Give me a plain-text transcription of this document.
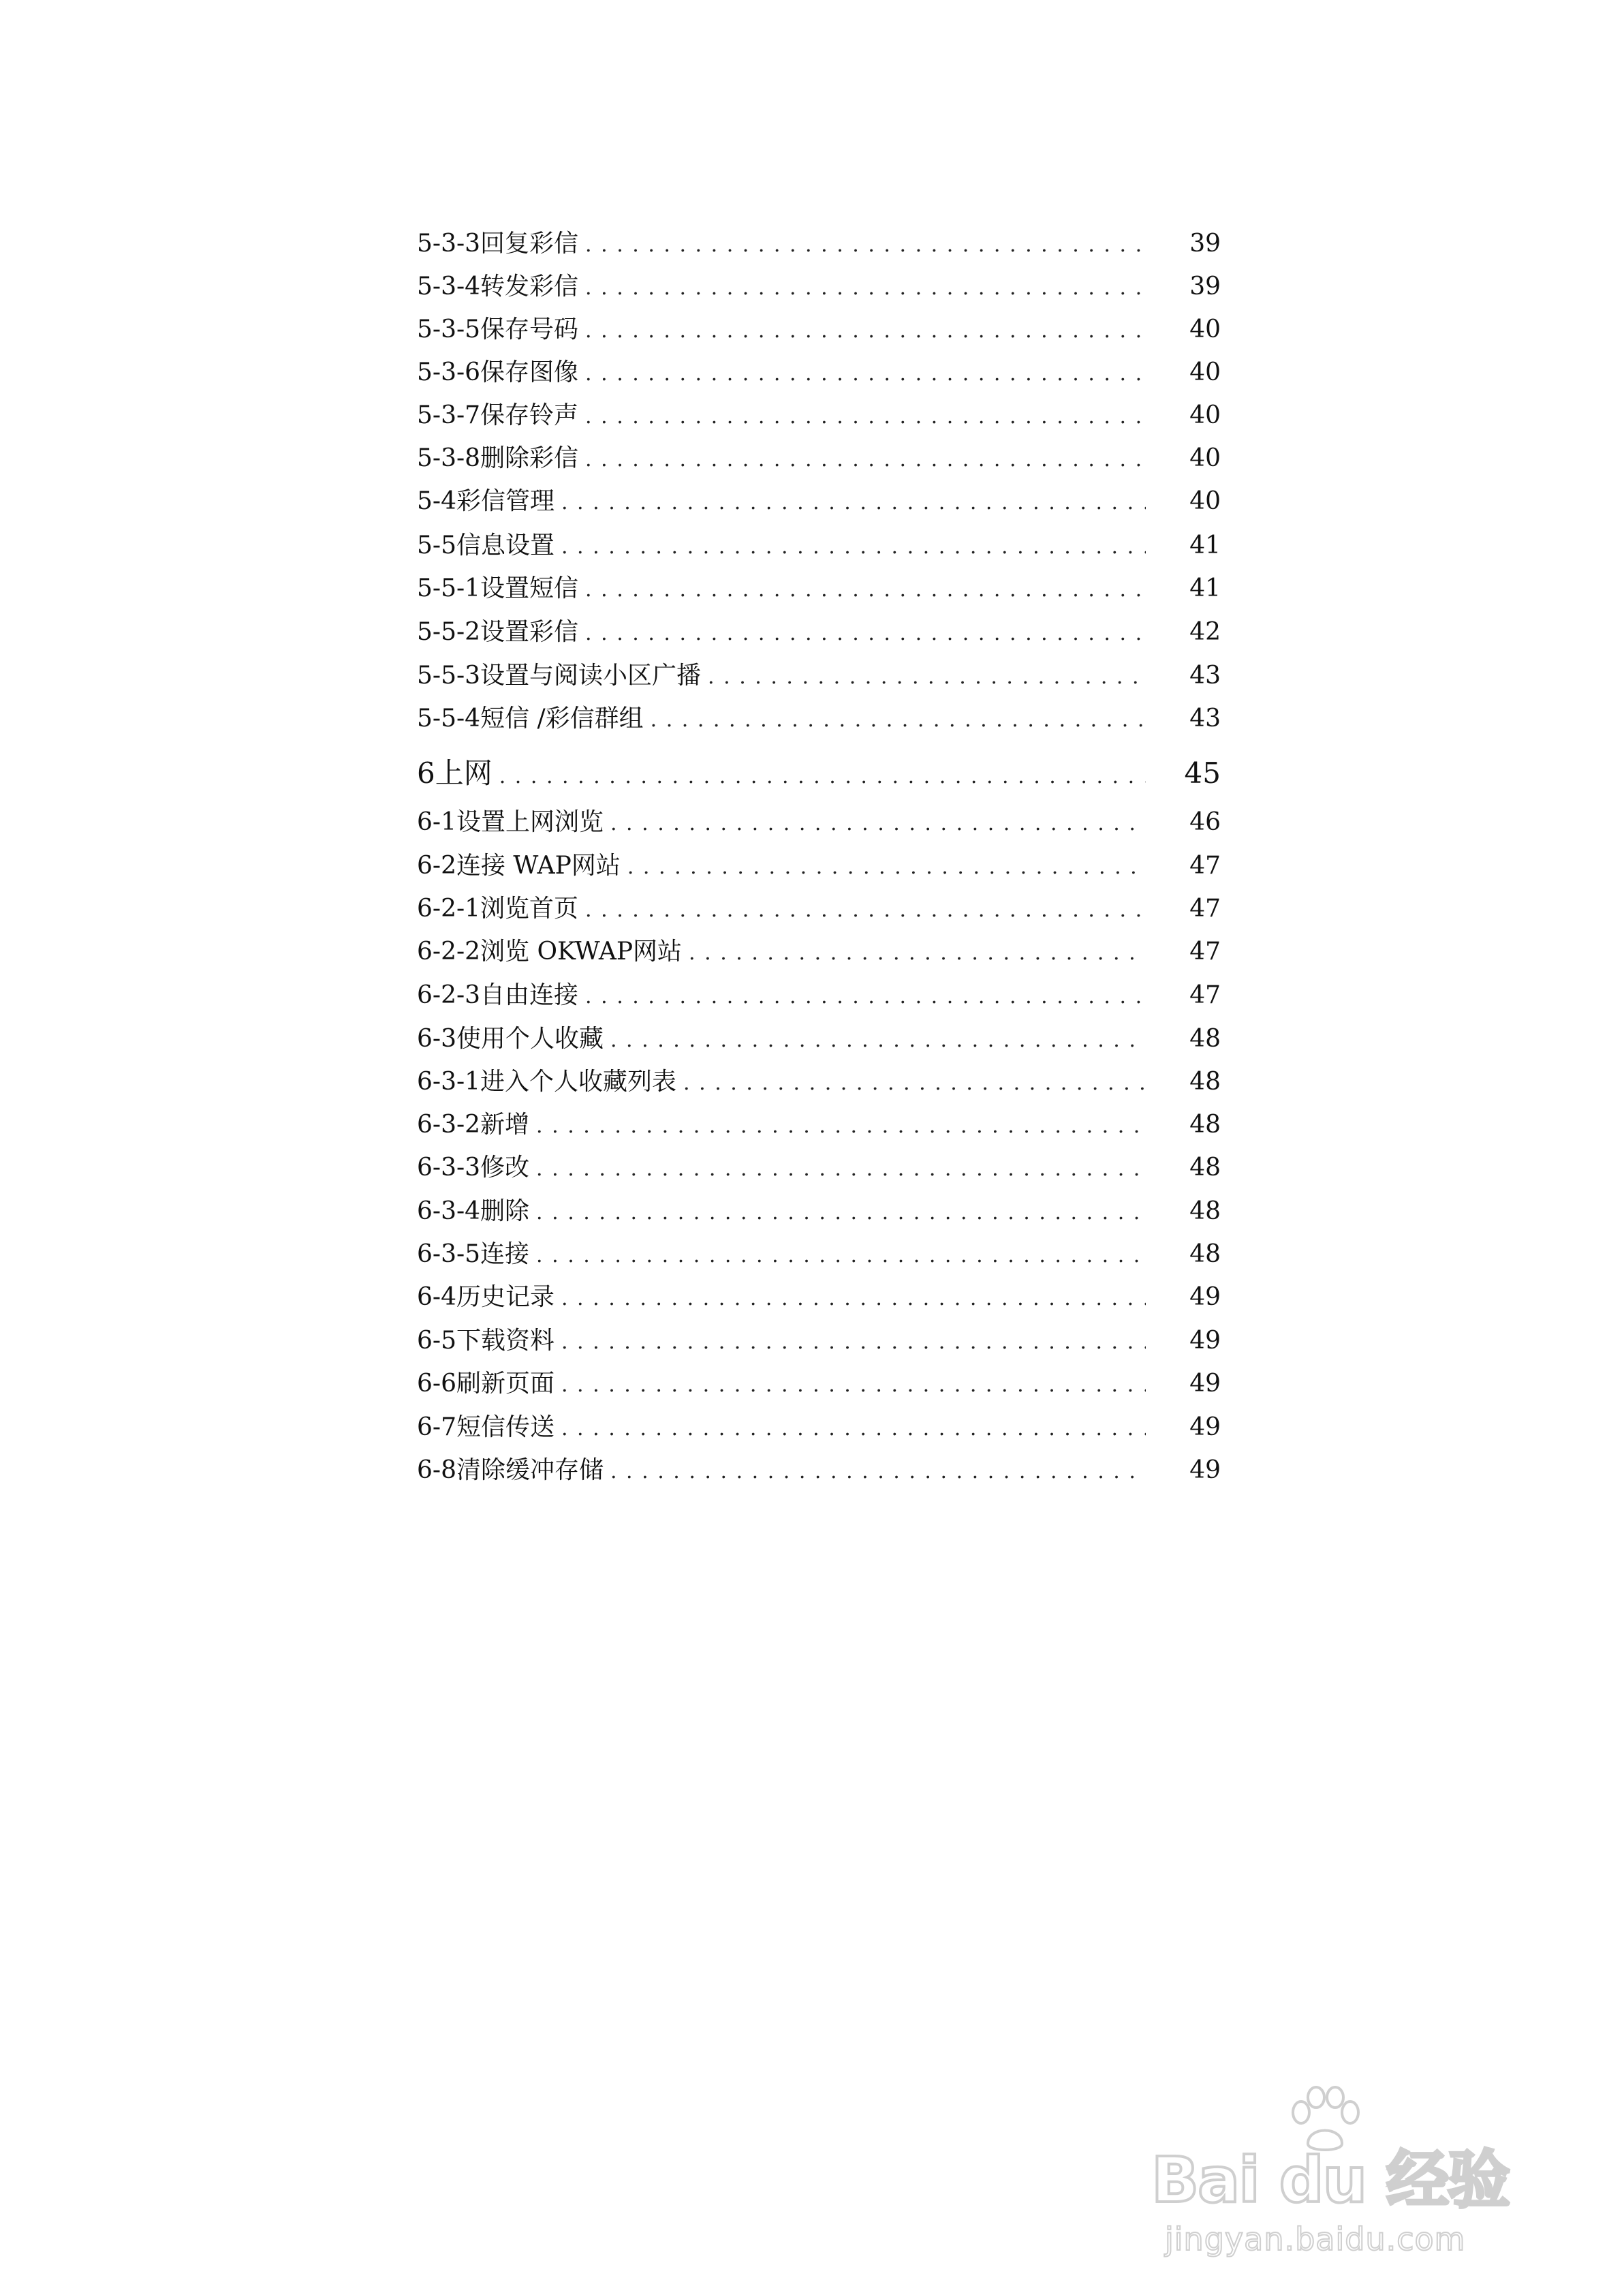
5-3-3回复彩信 . . .	39
5-3-4转发彩信 . . .	39
5-3-5保存号码 . . .	40
5-3-6保存图像 . . .	40
5-3-7保存铃声 . . .	40
5-3-8删除彩信 . . .	40
5-4彩信管理 . . .	40
5-5信息设置 . . .	41
5-5-1设置短信 . . .	41
5-5-2设置彩信 . . .	42
5-5-3设置与阅读小区广播 . . .	43
5-5-4短信 /彩信群组 . . .	43
6上网 . . .	45
6-1设置上网浏览 . . .	46
6-2连接 WAP网站 . . .	47
6-2-1浏览首页 . . .	47
6-2-2浏览 OKWAP网站 . . .	47
6-2-3自由连接 . . .	47
6-3使用个人收藏 . . .	48
6-3-1进入个人收藏列表 . . .	48
6-3-2新增 . . .	48
6-3-3修改 . . .	48
6-3-4删除 . . .	48
6-3-5连接 . . .	48
6-4历史记录 . . .	49
6-5下载资料 . . .	49
6-6刷新页面 . . .	49
6-7短信传送 . . .	49
6-8清除缓冲存储 . . .	49
Bai du 经验
jingyan.baidu.com
